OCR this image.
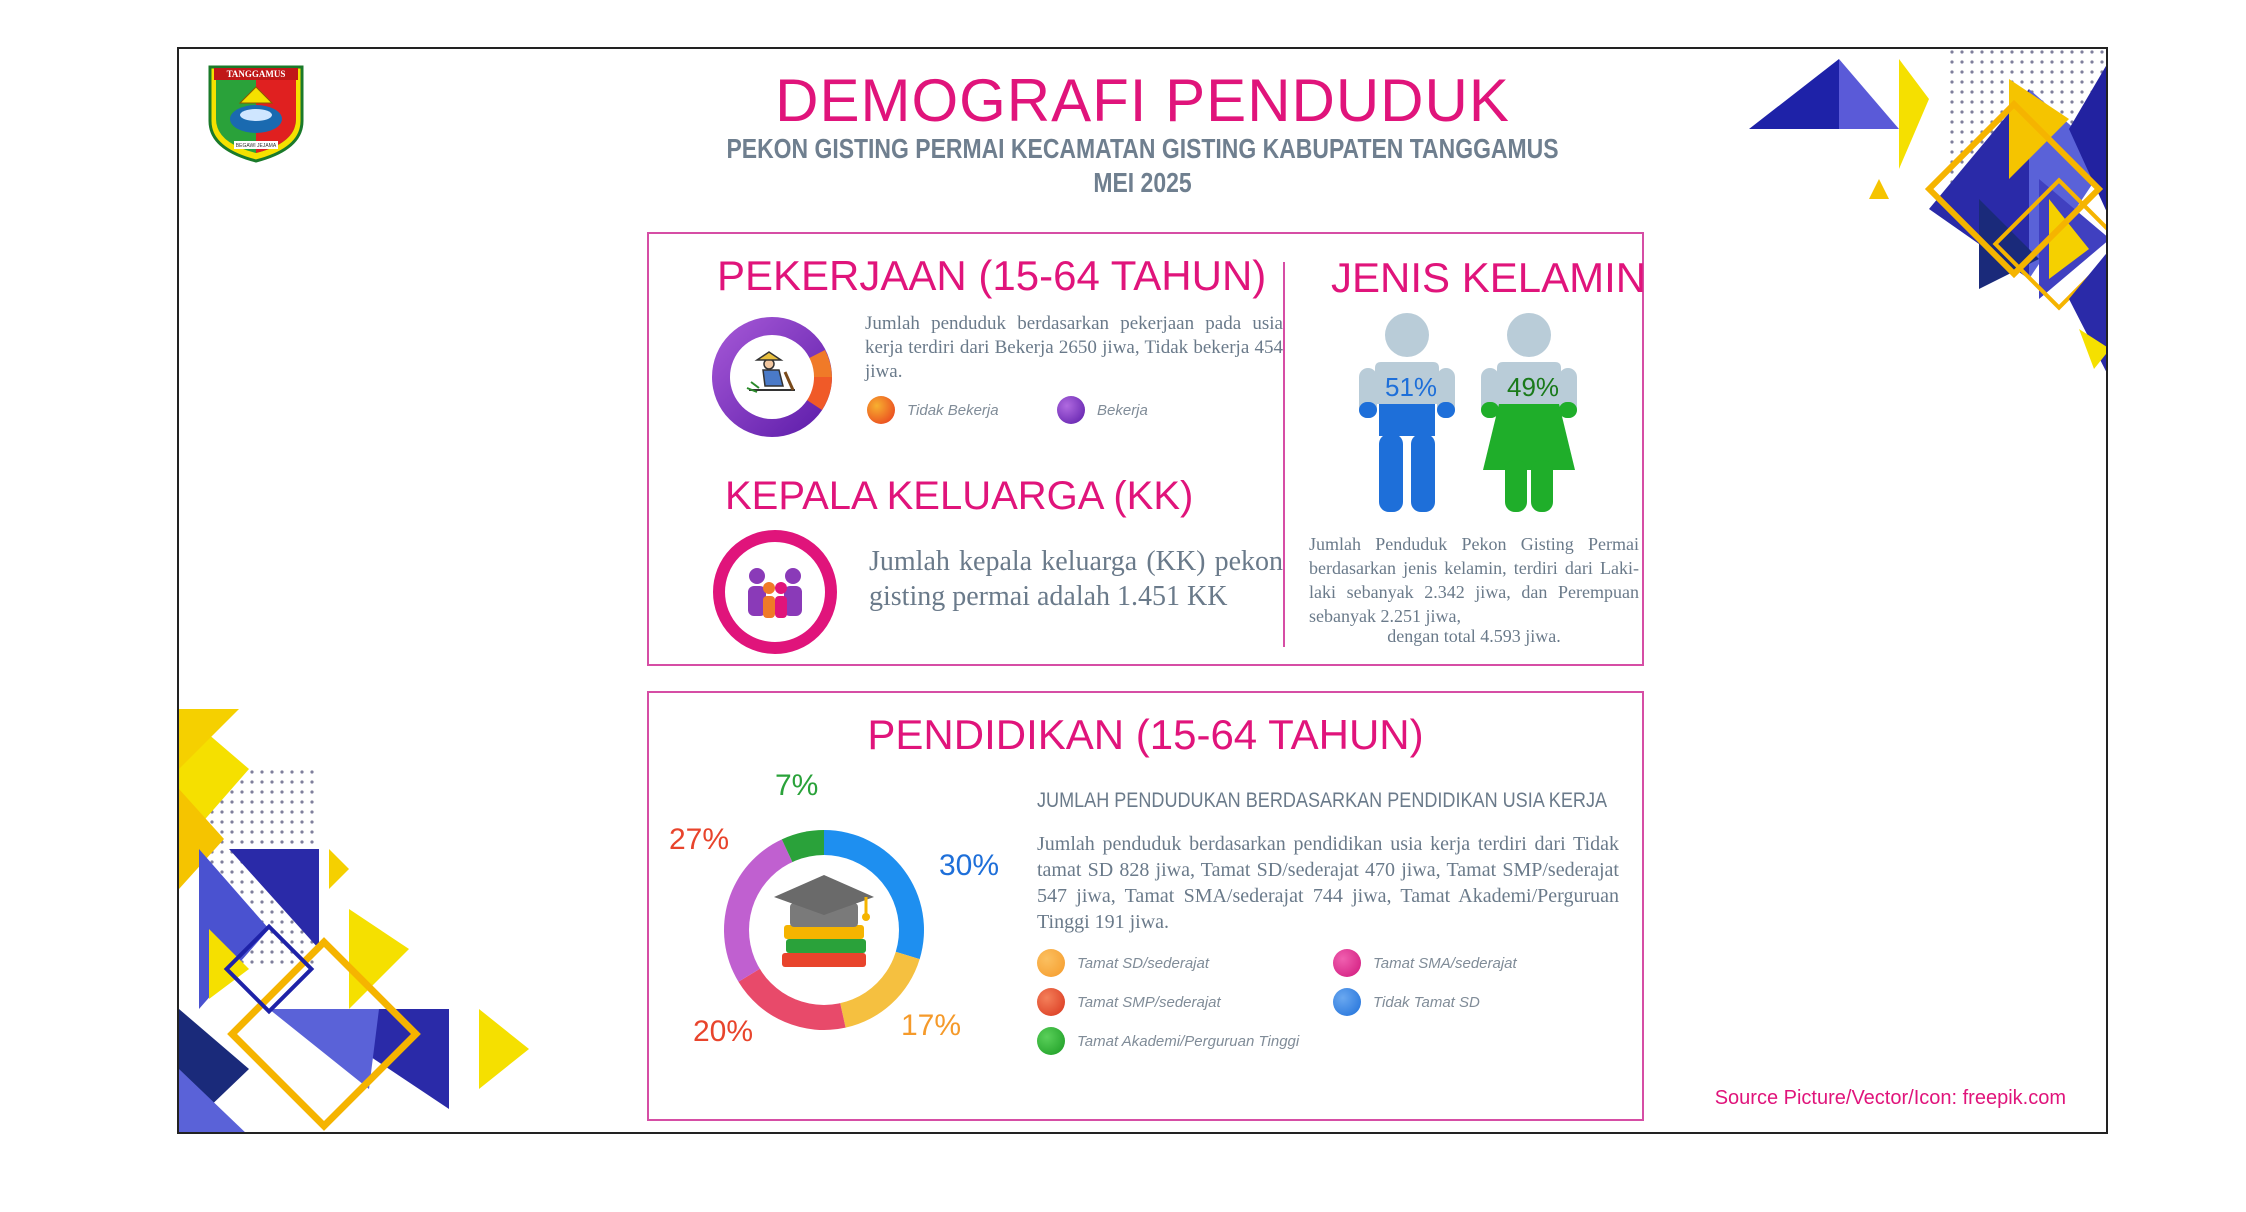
TANGGAMUS
BEGAWI JEJAMA
DEMOGRAFI PENDUDUK
PEKON GISTING PERMAI KECAMATAN GISTING KABUPATEN TANGGAMUS
MEI 2025
PEKERJAAN (15-64 TAHUN)
Jumlah penduduk berdasarkan pekerjaan pada usia kerja terdiri dari Bekerja 2650 jiwa, Tidak bekerja 454 jiwa.
Tidak Bekerja	Bekerja
KEPALA KELUARGA (KK)
Jumlah kepala keluarga (KK) pekon gisting permai adalah 1.451 KK
JENIS KELAMIN
51%	49%
Jumlah Penduduk Pekon Gisting Permai berdasarkan jenis kelamin, terdiri dari Laki-laki sebanyak 2.342 jiwa, dan Perempuan sebanyak 2.251 jiwa,
dengan total 4.593 jiwa.
PENDIDIKAN (15-64 TAHUN)
7%
30%
17%
20%
27%
JUMLAH PENDUDUKAN BERDASARKAN PENDIDIKAN USIA KERJA
Jumlah penduduk berdasarkan pendidikan usia kerja terdiri dari Tidak tamat SD 828 jiwa, Tamat SD/sederajat 470 jiwa, Tamat SMP/sederajat 547 jiwa, Tamat SMA/sederajat 744 jiwa, Tamat Akademi/Perguruan Tinggi 191 jiwa.
Tamat SD/sederajat	Tamat SMA/sederajat
Tamat SMP/sederajat	Tidak Tamat SD
Tamat Akademi/Perguruan Tinggi
Source Picture/Vector/Icon: freepik.com
